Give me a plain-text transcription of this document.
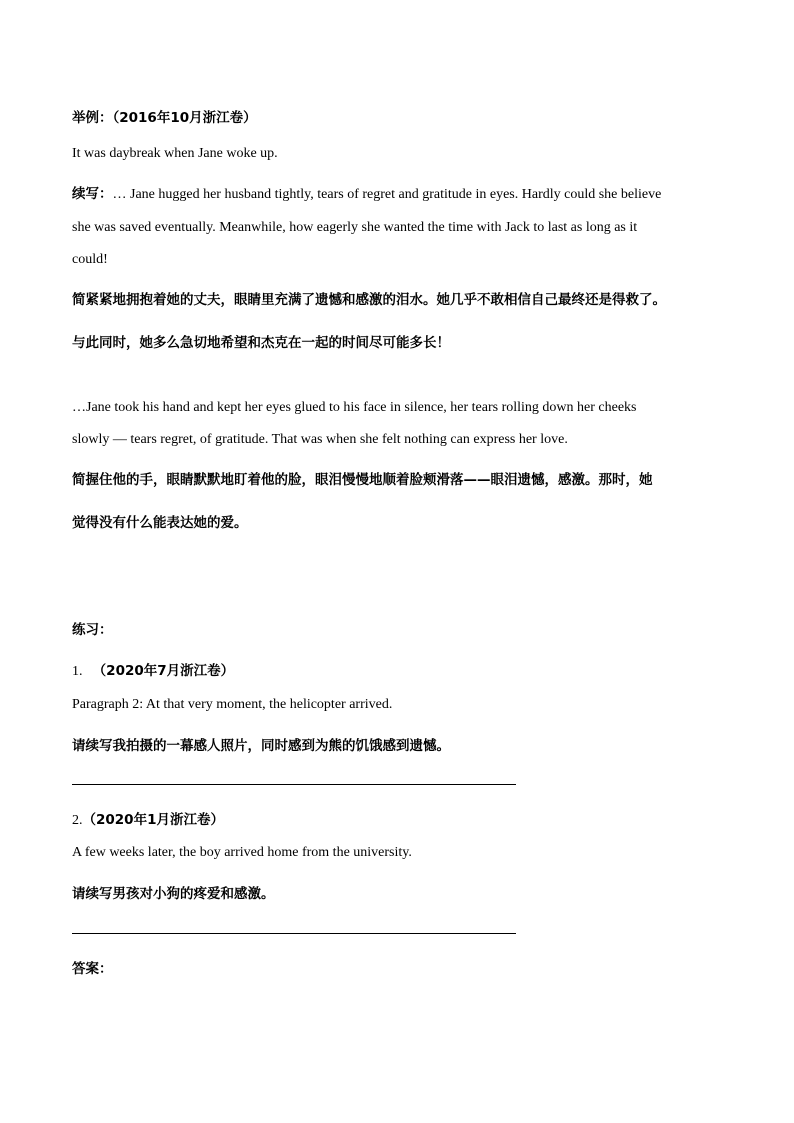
举例：（2016年10月浙江卷）
It was daybreak when Jane woke up.
续写：… Jane hugged her husband tightly, tears of regret and gratitude in eyes. Hardly could she believe
she was saved eventually. Meanwhile, how eagerly she wanted the time with Jack to last as long as it
could!
简紧紧地拥抱着她的丈夫，眼睛里充满了遗憾和感激的泪水。她几乎不敢相信自己最终还是得救了。
与此同时，她多么急切地希望和杰克在一起的时间尽可能多长！
…Jane took his hand and kept her eyes glued to his face in silence, her tears rolling down her cheeks
slowly — tears regret, of gratitude. That was when she felt nothing can express her love.
简握住他的手，眼睛默默地盯着他的脸，眼泪慢慢地顺着脸颊滑落——眼泪遗憾，感激。那时，她
觉得没有什么能表达她的爱。
练习：
1. （2020年7月浙江卷）
Paragraph 2: At that very moment, the helicopter arrived.
请续写我拍摄的一幕感人照片，同时感到为熊的饥饿感到遗憾。
2.（2020年1月浙江卷）
A few weeks later, the boy arrived home from the university.
请续写男孩对小狗的疼爱和感激。
答案：
